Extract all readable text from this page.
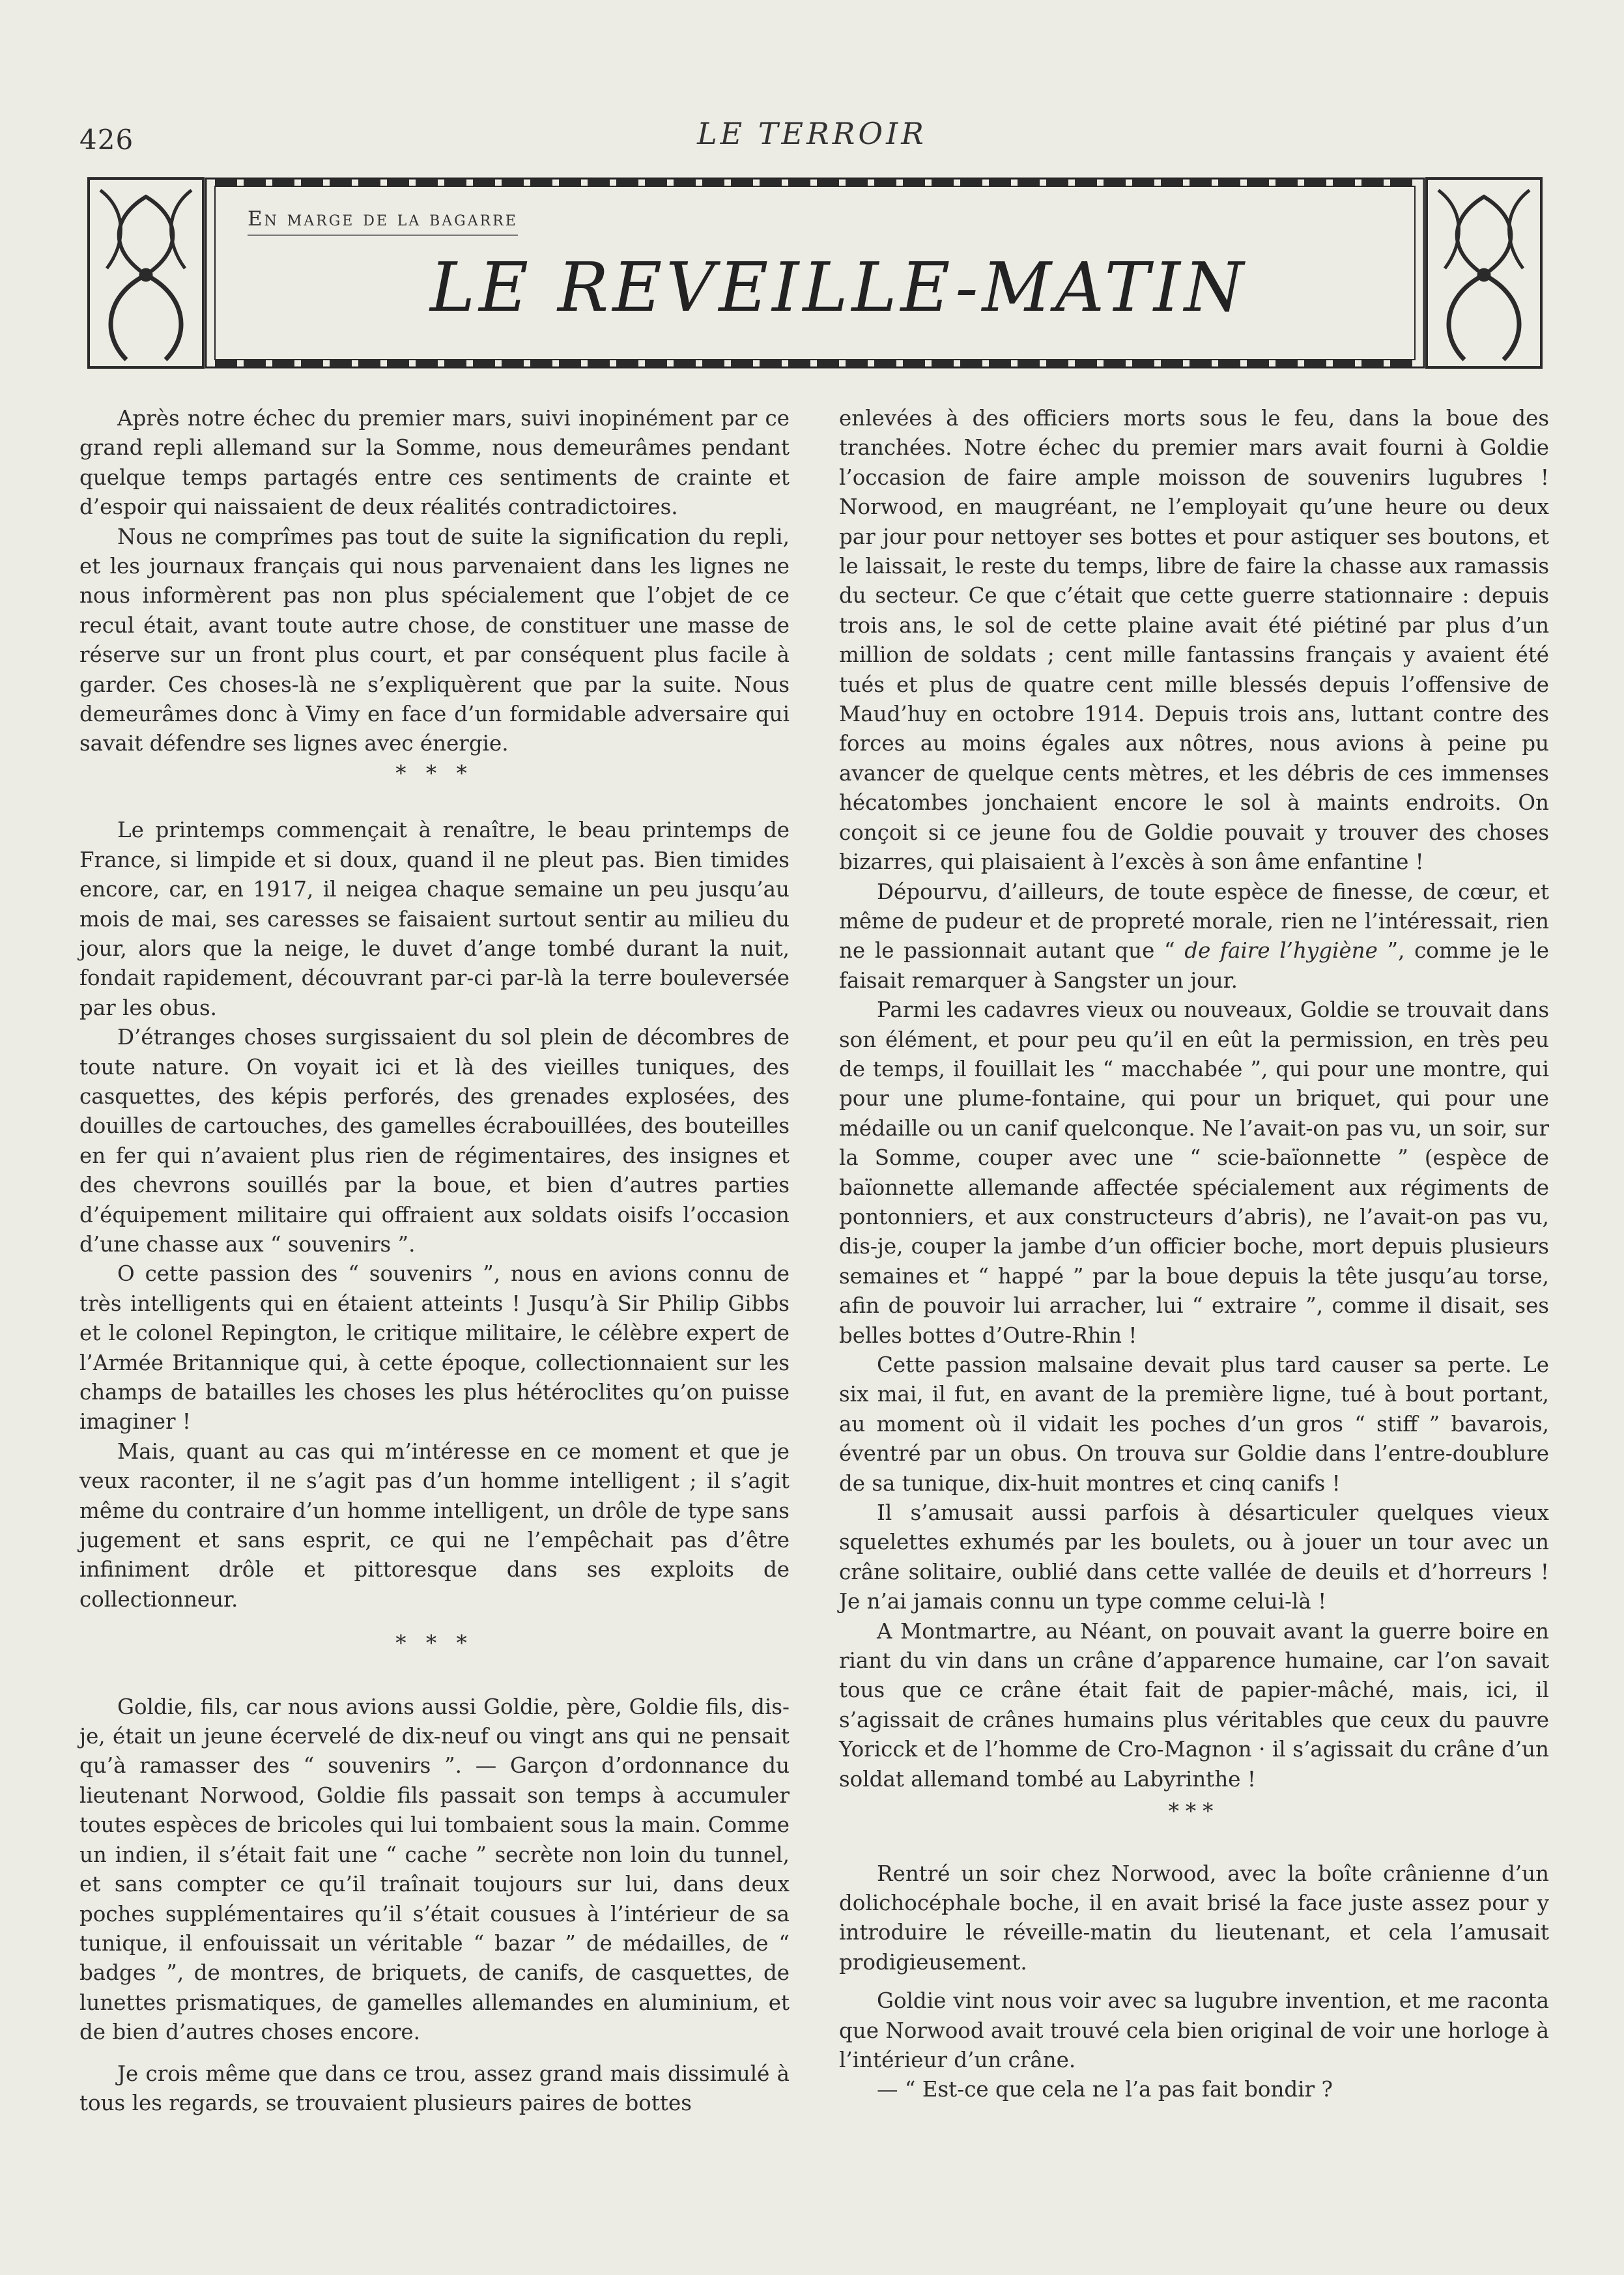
426	LE TERROIR
En marge de la bagarre
LE REVEILLE-MATIN

Après notre échec du premier mars, suivi inopinément par ce grand repli allemand sur la Somme, nous demeurâmes pendant quelque temps partagés entre ces sentiments de crainte et d’espoir qui naissaient de deux réalités contradictoires.

Nous ne comprîmes pas tout de suite la signification du repli, et les journaux français qui nous parvenaient dans les lignes ne nous informèrent pas non plus spécialement que l’objet de ce recul était, avant toute autre chose, de constituer une masse de réserve sur un front plus court, et par conséquent plus facile à garder. Ces choses-là ne s’expliquèrent que par la suite. Nous demeurâmes donc à Vimy en face d’un formidable adversaire qui savait défendre ses lignes avec énergie.

* * *

Le printemps commençait à renaître, le beau printemps de France, si limpide et si doux, quand il ne pleut pas. Bien timides encore, car, en 1917, il neigea chaque semaine un peu jusqu’au mois de mai, ses caresses se faisaient surtout sentir au milieu du jour, alors que la neige, le duvet d’ange tombé durant la nuit, fondait rapidement, découvrant par-ci par-là la terre bouleversée par les obus.

D’étranges choses surgissaient du sol plein de décombres de toute nature. On voyait ici et là des vieilles tuniques, des casquettes, des képis perforés, des grenades explosées, des douilles de cartouches, des gamelles écrabouillées, des bouteilles en fer qui n’avaient plus rien de régimentaires, des insignes et des chevrons souillés par la boue, et bien d’autres parties d’équipement militaire qui offraient aux soldats oisifs l’occasion d’une chasse aux “ souvenirs ”.

O cette passion des “ souvenirs ”, nous en avions connu de très intelligents qui en étaient atteints ! Jusqu’à Sir Philip Gibbs et le colonel Repington, le critique militaire, le célèbre expert de l’Armée Britannique qui, à cette époque, collectionnaient sur les champs de batailles les choses les plus hétéroclites qu’on puisse imaginer !

Mais, quant au cas qui m’intéresse en ce moment et que je veux raconter, il ne s’agit pas d’un homme intelligent ; il s’agit même du contraire d’un homme intelligent, un drôle de type sans jugement et sans esprit, ce qui ne l’empêchait pas d’être infiniment drôle et pittoresque dans ses exploits de collectionneur.

* * *

Goldie, fils, car nous avions aussi Goldie, père, Goldie fils, dis-je, était un jeune écervelé de dix-neuf ou vingt ans qui ne pensait qu’à ramasser des “ souvenirs ”. — Garçon d’ordonnance du lieutenant Norwood, Goldie fils passait son temps à accumuler toutes espèces de bricoles qui lui tombaient sous la main. Comme un indien, il s’était fait une “ cache ” secrète non loin du tunnel, et sans compter ce qu’il traînait toujours sur lui, dans deux poches supplémentaires qu’il s’était cousues à l’intérieur de sa tunique, il enfouissait un véritable “ bazar ” de médailles, de “ badges ”, de montres, de briquets, de canifs, de casquettes, de lunettes prismatiques, de gamelles allemandes en aluminium, et de bien d’autres choses encore.

Je crois même que dans ce trou, assez grand mais dissimulé à tous les regards, se trouvaient plusieurs paires de bottes

enlevées à des officiers morts sous le feu, dans la boue des tranchées. Notre échec du premier mars avait fourni à Goldie l’occasion de faire ample moisson de souvenirs lugubres ! Norwood, en maugréant, ne l’employait qu’une heure ou deux par jour pour nettoyer ses bottes et pour astiquer ses boutons, et le laissait, le reste du temps, libre de faire la chasse aux ramassis du secteur. Ce que c’était que cette guerre stationnaire : depuis trois ans, le sol de cette plaine avait été piétiné par plus d’un million de soldats ; cent mille fantassins français y avaient été tués et plus de quatre cent mille blessés depuis l’offensive de Maud’huy en octobre 1914. Depuis trois ans, luttant contre des forces au moins égales aux nôtres, nous avions à peine pu avancer de quelque cents mètres, et les débris de ces immenses hécatombes jonchaient encore le sol à maints endroits. On conçoit si ce jeune fou de Goldie pouvait y trouver des choses bizarres, qui plaisaient à l’excès à son âme enfantine !

Dépourvu, d’ailleurs, de toute espèce de finesse, de cœur, et même de pudeur et de propreté morale, rien ne l’intéressait, rien ne le passionnait autant que “ de faire l’hygiène ”, comme je le faisait remarquer à Sangster un jour.

Parmi les cadavres vieux ou nouveaux, Goldie se trouvait dans son élément, et pour peu qu’il en eût la permission, en très peu de temps, il fouillait les “ macchabée ”, qui pour une montre, qui pour une plume-fontaine, qui pour un briquet, qui pour une médaille ou un canif quelconque. Ne l’avait-on pas vu, un soir, sur la Somme, couper avec une “ scie-baïonnette ” (espèce de baïonnette allemande affectée spécialement aux régiments de pontonniers, et aux constructeurs d’abris), ne l’avait-on pas vu, dis-je, couper la jambe d’un officier boche, mort depuis plusieurs semaines et “ happé ” par la boue depuis la tête jusqu’au torse, afin de pouvoir lui arracher, lui “ extraire ”, comme il disait, ses belles bottes d’Outre-Rhin !

Cette passion malsaine devait plus tard causer sa perte. Le six mai, il fut, en avant de la première ligne, tué à bout portant, au moment où il vidait les poches d’un gros “ stiff ” bavarois, éventré par un obus. On trouva sur Goldie dans l’entre-doublure de sa tunique, dix-huit montres et cinq canifs !

Il s’amusait aussi parfois à désarticuler quelques vieux squelettes exhumés par les boulets, ou à jouer un tour avec un crâne solitaire, oublié dans cette vallée de deuils et d’horreurs ! Je n’ai jamais connu un type comme celui-là !

A Montmartre, au Néant, on pouvait avant la guerre boire en riant du vin dans un crâne d’apparence humaine, car l’on savait tous que ce crâne était fait de papier-mâché, mais, ici, il s’agissait de crânes humains plus véritables que ceux du pauvre Yoricck et de l’homme de Cro-Magnon · il s’agissait du crâne d’un soldat allemand tombé au Labyrinthe !

***

Rentré un soir chez Norwood, avec la boîte crânienne d’un dolichocéphale boche, il en avait brisé la face juste assez pour y introduire le réveille-matin du lieutenant, et cela l’amusait prodigieusement.

Goldie vint nous voir avec sa lugubre invention, et me raconta que Norwood avait trouvé cela bien original de voir une horloge à l’intérieur d’un crâne.

— “ Est-ce que cela ne l’a pas fait bondir ?
